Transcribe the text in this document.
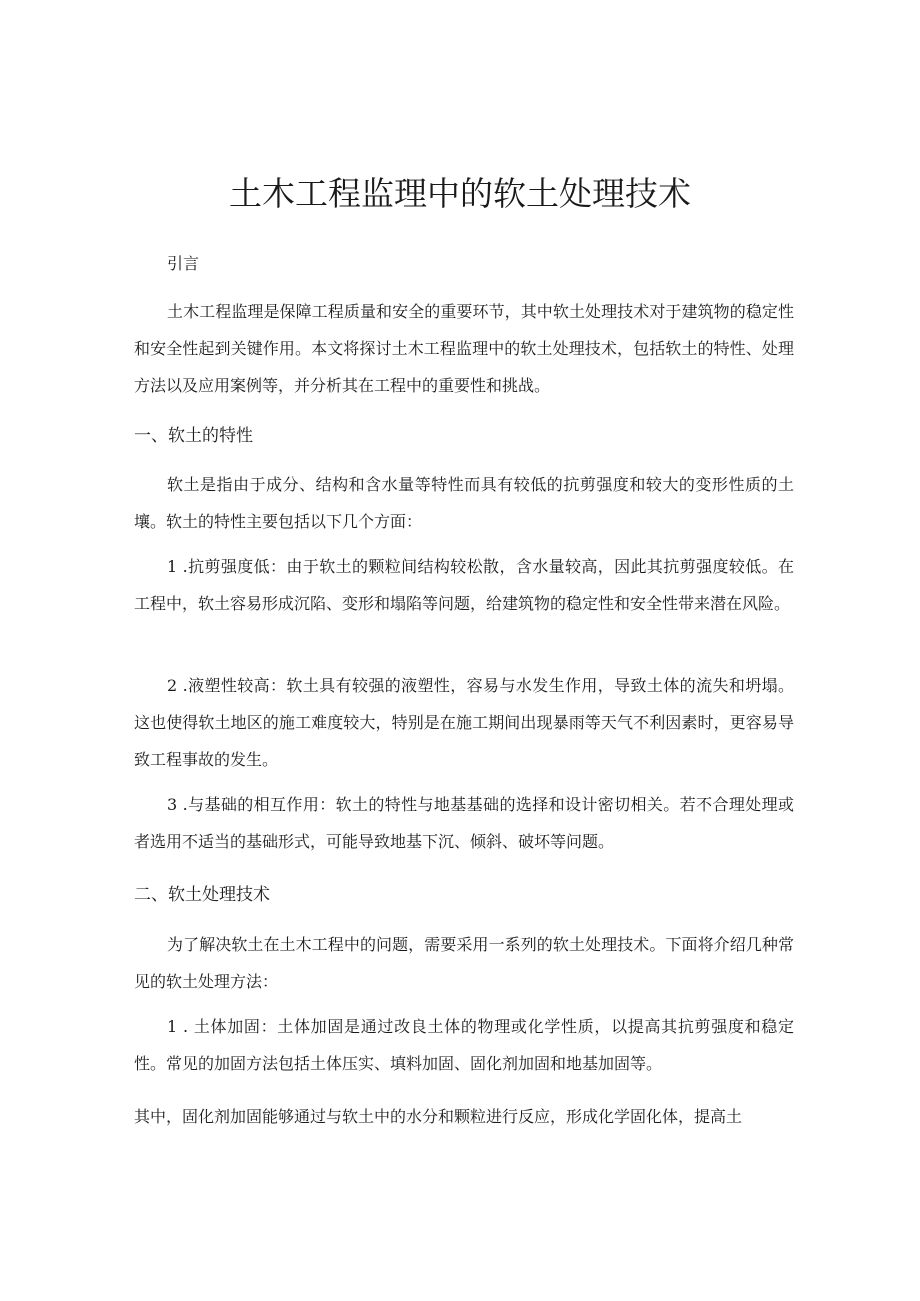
土木工程监理中的软土处理技术

引言

土木工程监理是保障工程质量和安全的重要环节，其中软土处理技术对于建筑物的稳定性和安全性起到关键作用。本文将探讨土木工程监理中的软土处理技术，包括软土的特性、处理方法以及应用案例等，并分析其在工程中的重要性和挑战。

一、软土的特性

软土是指由于成分、结构和含水量等特性而具有较低的抗剪强度和较大的变形性质的土壤。软土的特性主要包括以下几个方面：

1 .抗剪强度低：由于软土的颗粒间结构较松散，含水量较高，因此其抗剪强度较低。在工程中，软土容易形成沉陷、变形和塌陷等问题，给建筑物的稳定性和安全性带来潜在风险。

2 .液塑性较高：软土具有较强的液塑性，容易与水发生作用，导致土体的流失和坍塌。这也使得软土地区的施工难度较大，特别是在施工期间出现暴雨等天气不利因素时，更容易导致工程事故的发生。

3 .与基础的相互作用：软土的特性与地基基础的选择和设计密切相关。若不合理处理或者选用不适当的基础形式，可能导致地基下沉、倾斜、破坏等问题。

二、软土处理技术

为了解决软土在土木工程中的问题，需要采用一系列的软土处理技术。下面将介绍几种常见的软土处理方法：

1 . 土体加固：土体加固是通过改良土体的物理或化学性质，以提高其抗剪强度和稳定性。常见的加固方法包括土体压实、填料加固、固化剂加固和地基加固等。

其中，固化剂加固能够通过与软土中的水分和颗粒进行反应，形成化学固化体，提高土
